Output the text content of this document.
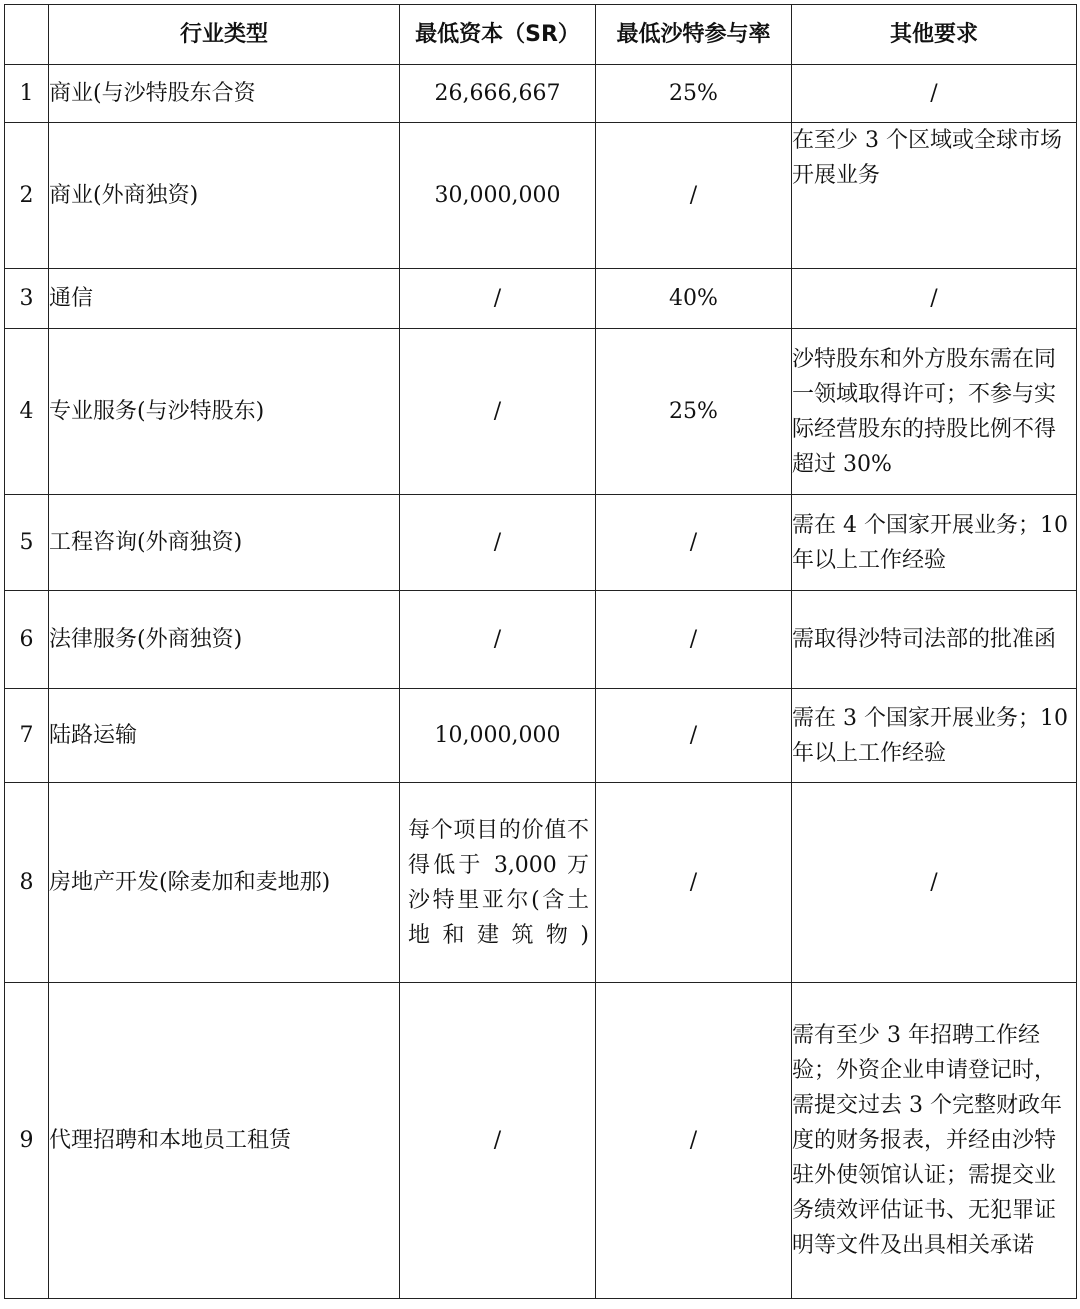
	行业类型	最低资本（SR）	最低沙特参与率	其他要求
1	商业(与沙特股东合资	26,666,667	25%	/
2	商业(外商独资)	30,000,000	/	在至少 3 个区域或全球市场开展业务
3	通信	/	40%	/
4	专业服务(与沙特股东)	/	25%	沙特股东和外方股东需在同一领域取得许可；不参与实际经营股东的持股比例不得超过 30%
5	工程咨询(外商独资)	/	/	需在 4 个国家开展业务；10 年以上工作经验
6	法律服务(外商独资)	/	/	需取得沙特司法部的批准函
7	陆路运输	10,000,000	/	需在 3 个国家开展业务；10 年以上工作经验
8	房地产开发(除麦加和麦地那)	每个项目的价值不得低于 3,000 万沙特里亚尔(含土地和建筑物)	/	/
9	代理招聘和本地员工租赁	/	/	需有至少 3 年招聘工作经验；外资企业申请登记时，需提交过去 3 个完整财政年度的财务报表，并经由沙特驻外使领馆认证；需提交业务绩效评估证书、无犯罪证明等文件及出具相关承诺
